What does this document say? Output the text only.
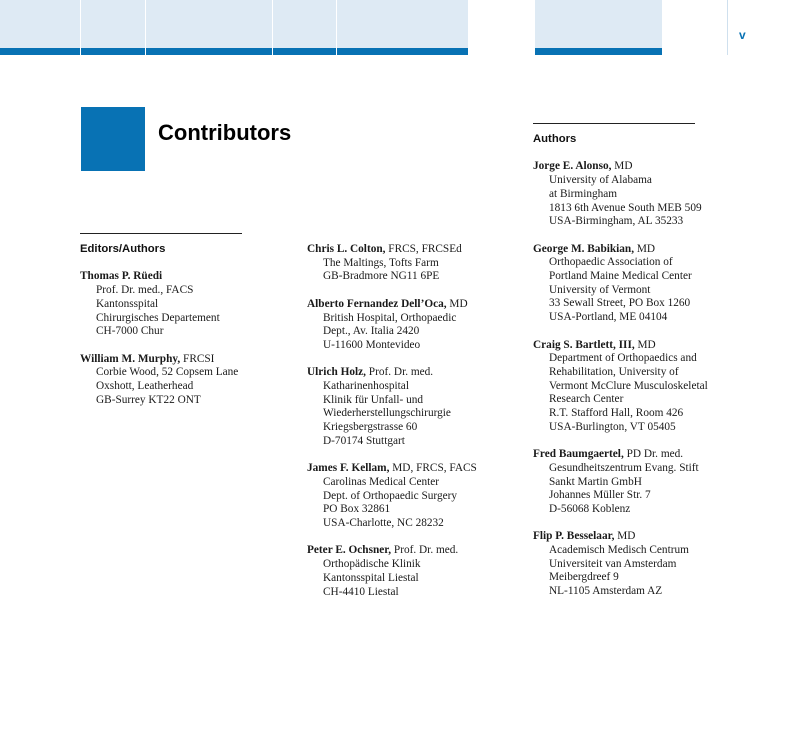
v
Contributors
Editors/Authors
Thomas P. Rüedi
Prof. Dr. med., FACS
Kantonsspital
Chirurgisches Departement
CH-7000 Chur
William M. Murphy, FRCSI
Corbie Wood, 52 Copsem Lane
Oxshott, Leatherhead
GB-Surrey KT22 ONT
Chris L. Colton, FRCS, FRCSEd
The Maltings, Tofts Farm
GB-Bradmore NG11 6PE
Alberto Fernandez Dell’Oca, MD
British Hospital, Orthopaedic
Dept., Av. Italia 2420
U-11600 Montevideo
Ulrich Holz, Prof. Dr. med.
Katharinenhospital
Klinik für Unfall- und
Wiederherstellungschirurgie
Kriegsbergstrasse 60
D-70174 Stuttgart
James F. Kellam, MD, FRCS, FACS
Carolinas Medical Center
Dept. of Orthopaedic Surgery
PO Box 32861
USA-Charlotte, NC 28232
Peter E. Ochsner, Prof. Dr. med.
Orthopädische Klinik
Kantonsspital Liestal
CH-4410 Liestal
Authors
Jorge E. Alonso, MD
University of Alabama
at Birmingham
1813 6th Avenue South MEB 509
USA-Birmingham, AL 35233
George M. Babikian, MD
Orthopaedic Association of
Portland Maine Medical Center
University of Vermont
33 Sewall Street, PO Box 1260
USA-Portland, ME 04104
Craig S. Bartlett, III, MD
Department of Orthopaedics and
Rehabilitation, University of
Vermont McClure Musculoskeletal
Research Center
R.T. Stafford Hall, Room 426
USA-Burlington, VT 05405
Fred Baumgaertel, PD Dr. med.
Gesundheitszentrum Evang. Stift
Sankt Martin GmbH
Johannes Müller Str. 7
D-56068 Koblenz
Flip P. Besselaar, MD
Academisch Medisch Centrum
Universiteit van Amsterdam
Meibergdreef 9
NL-1105 Amsterdam AZ
